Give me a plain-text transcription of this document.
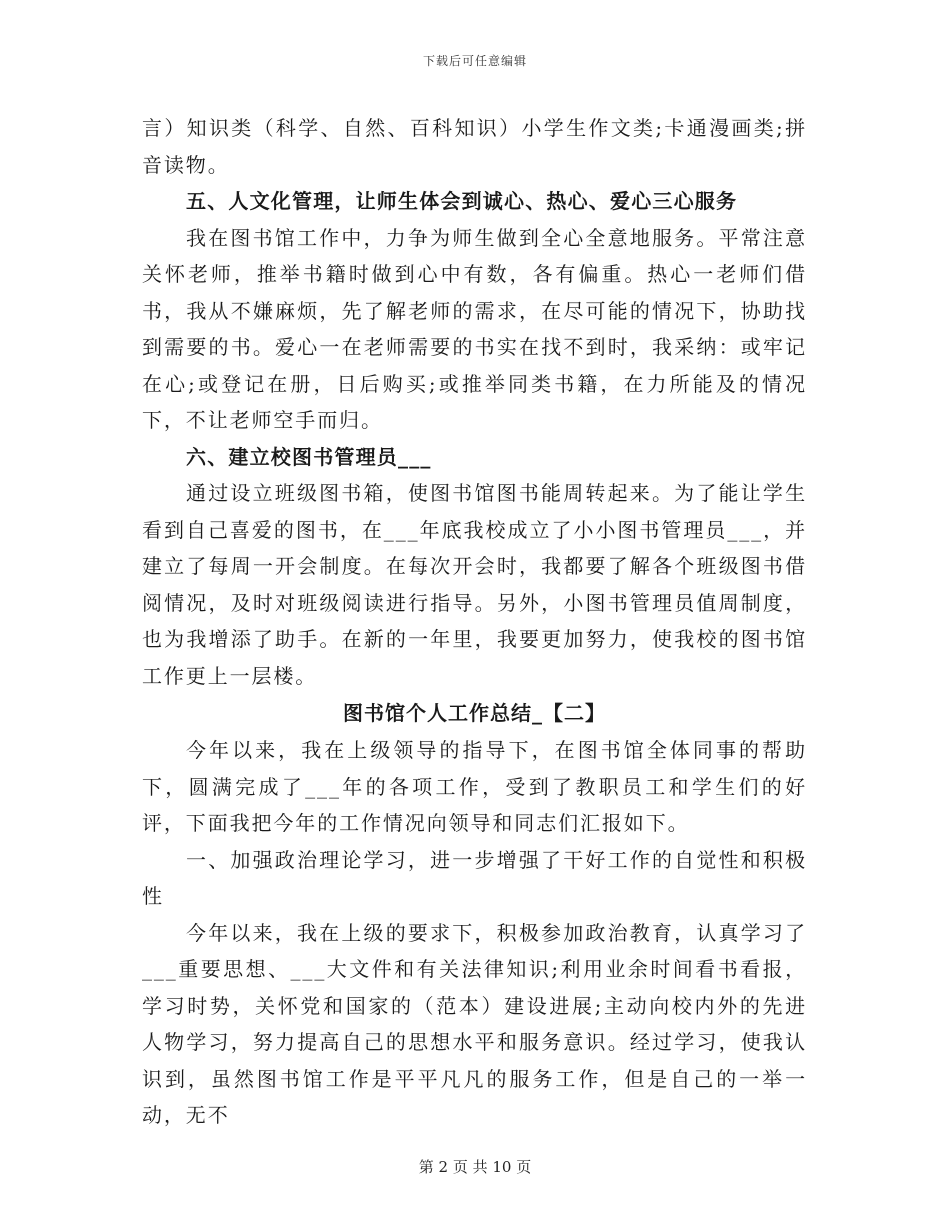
下载后可任意编辑

言）知识类（科学、自然、百科知识）小学生作文类;卡通漫画类;拼音读物。

五、人文化管理，让师生体会到诚心、热心、爱心三心服务

我在图书馆工作中，力争为师生做到全心全意地服务。平常注意关怀老师，推举书籍时做到心中有数，各有偏重。热心一老师们借书，我从不嫌麻烦，先了解老师的需求，在尽可能的情况下，协助找到需要的书。爱心一在老师需要的书实在找不到时，我采纳：或牢记在心;或登记在册，日后购买;或推举同类书籍，在力所能及的情况下，不让老师空手而归。

六、建立校图书管理员___

通过设立班级图书箱，使图书馆图书能周转起来。为了能让学生看到自己喜爱的图书，在___年底我校成立了小小图书管理员___，并建立了每周一开会制度。在每次开会时，我都要了解各个班级图书借阅情况，及时对班级阅读进行指导。另外，小图书管理员值周制度，也为我增添了助手。在新的一年里，我要更加努力，使我校的图书馆工作更上一层楼。

图书馆个人工作总结_【二】

今年以来，我在上级领导的指导下，在图书馆全体同事的帮助下，圆满完成了___年的各项工作，受到了教职员工和学生们的好评，下面我把今年的工作情况向领导和同志们汇报如下。

一、加强政治理论学习，进一步增强了干好工作的自觉性和积极性

今年以来，我在上级的要求下，积极参加政治教育，认真学习了___重要思想、___大文件和有关法律知识;利用业余时间看书看报，学习时势，关怀党和国家的（范本）建设进展;主动向校内外的先进人物学习，努力提高自己的思想水平和服务意识。经过学习，使我认识到，虽然图书馆工作是平平凡凡的服务工作，但是自己的一举一动，无不

第 2 页 共 10 页
